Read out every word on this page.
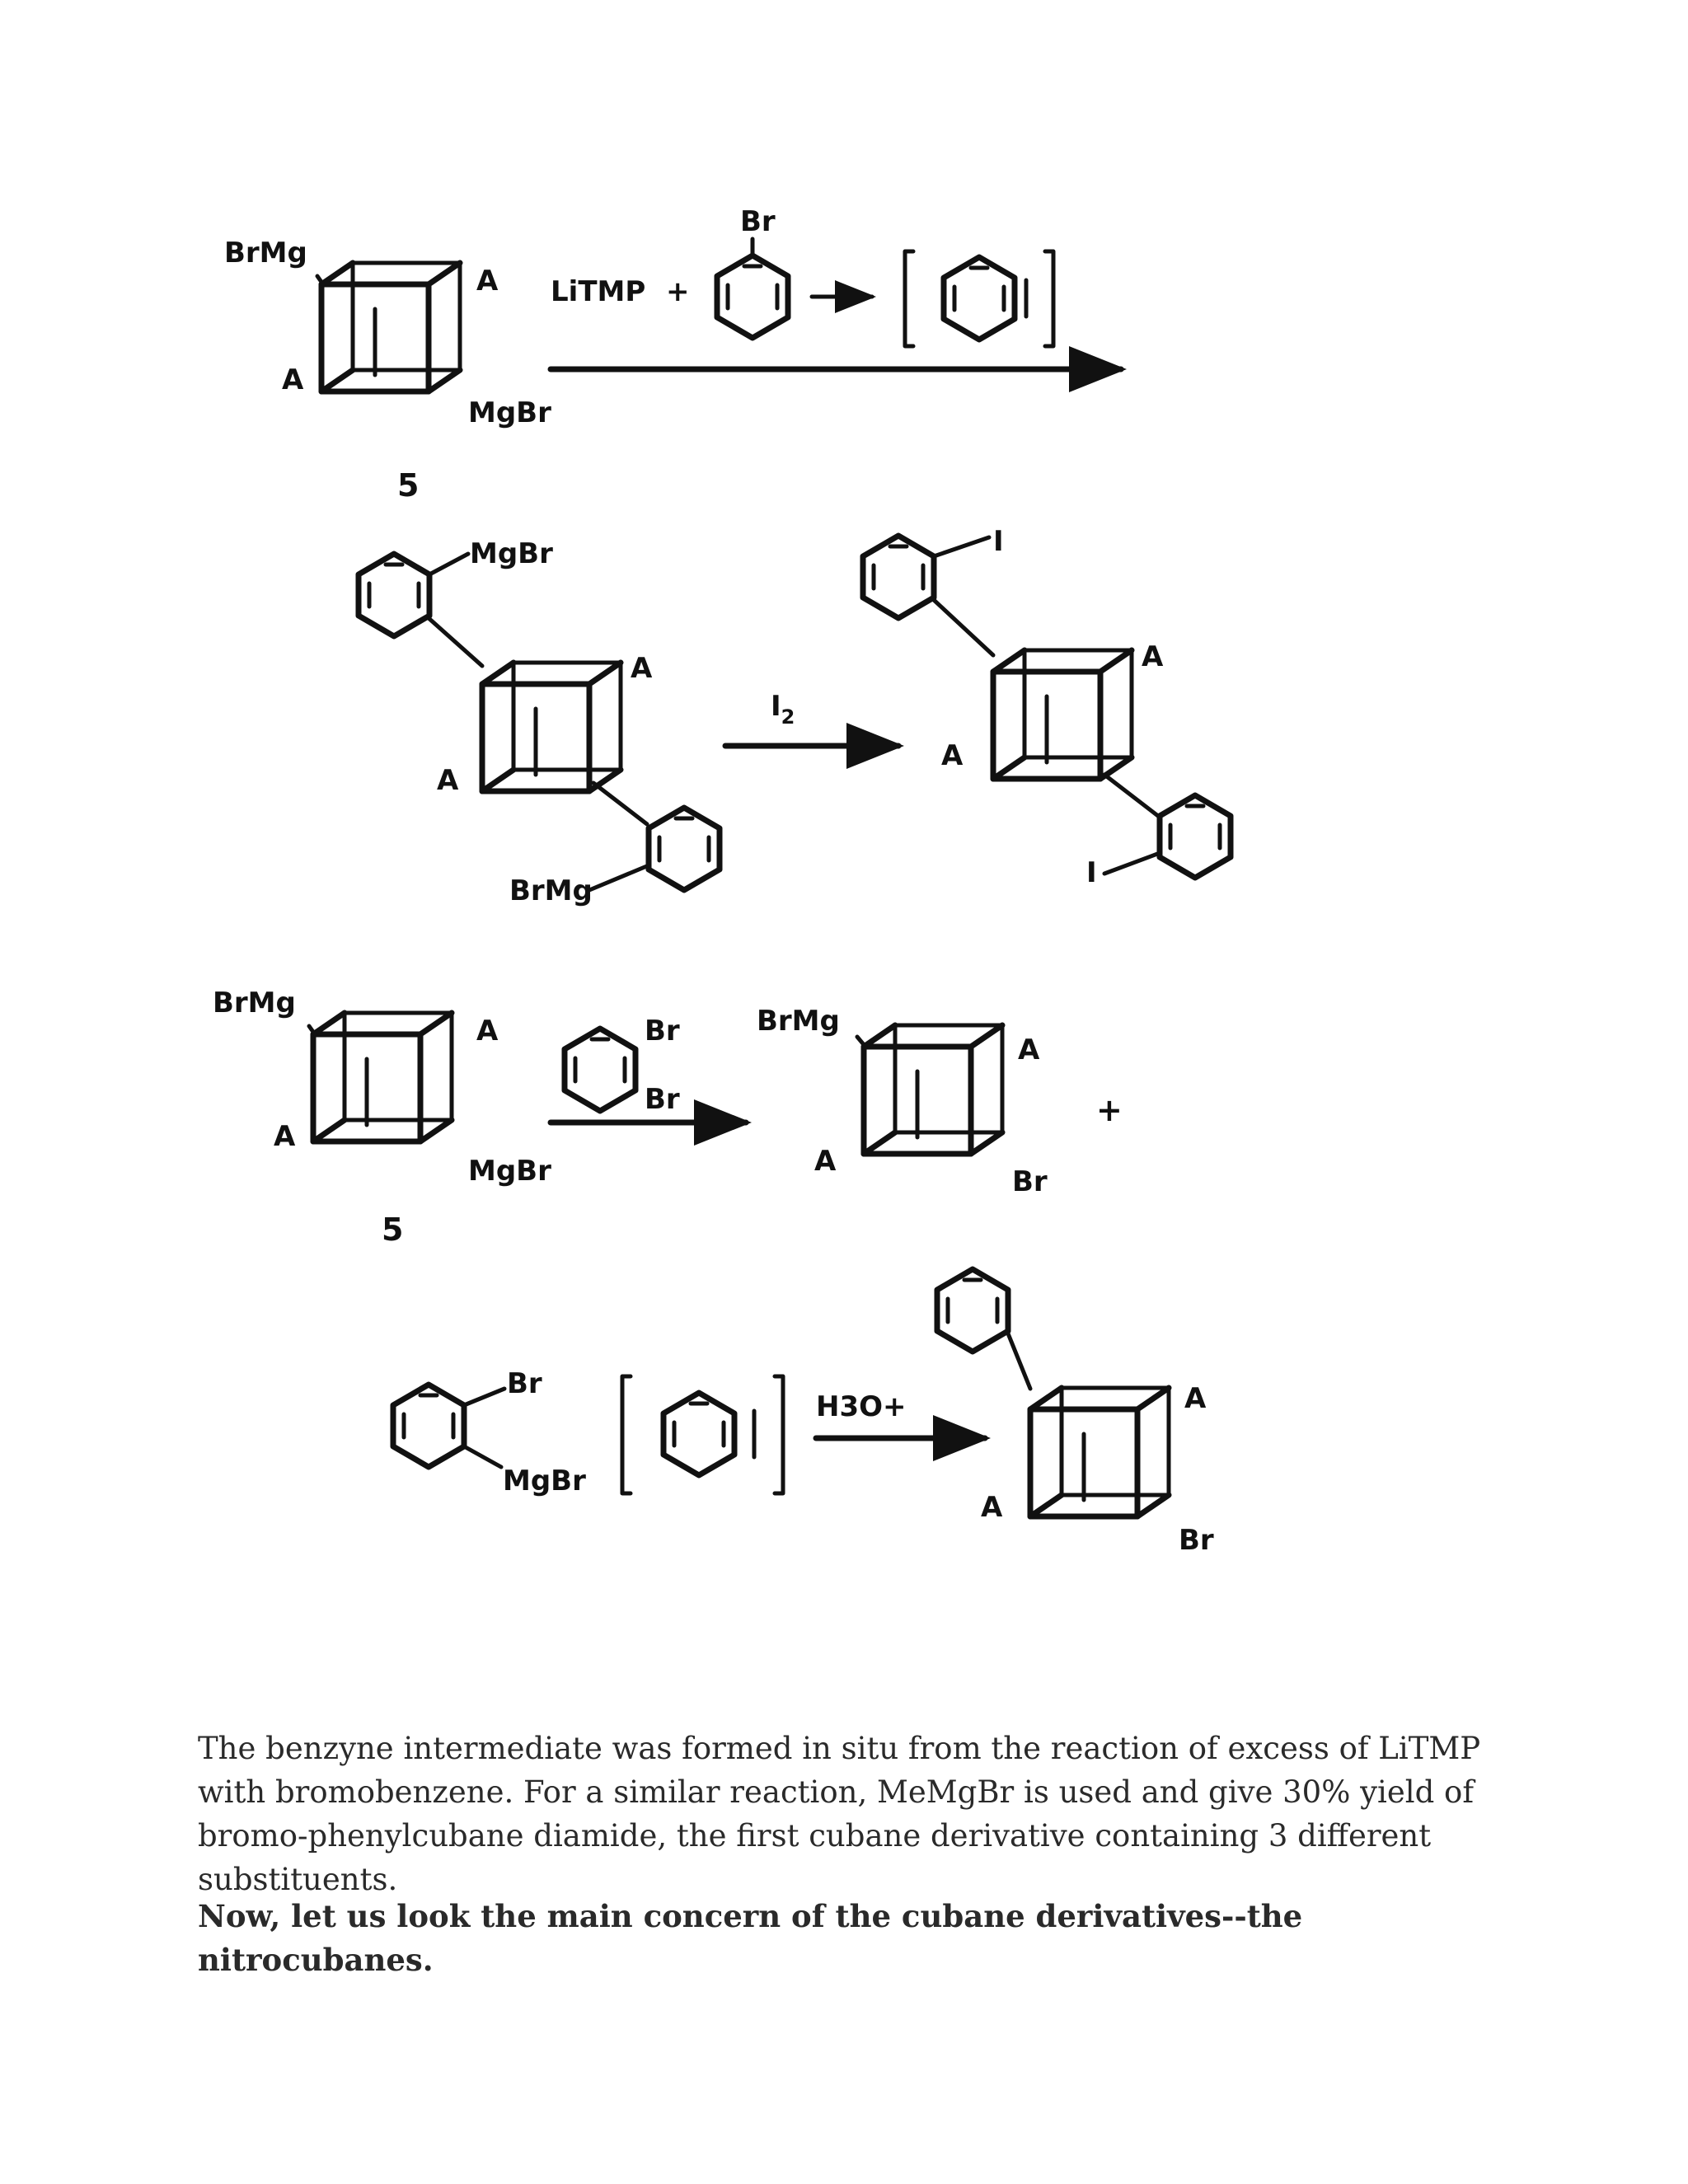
BrMg
A
A
MgBr
5
LiTMP +
Br
MgBr
A
A
BrMg
$I_2$
I
A
A
I
BrMg
A
A
MgBr
5
Br
Br
BrMg
A
A
Br
+
Br
MgBr
H3O+	A
A
Br

The benzyne intermediate was formed in situ from the reaction of excess of LiTMP with bromobenzene. For a similar reaction, MeMgBr is used and give 30% yield of bromo-phenylcubane diamide, the first cubane derivative containing 3 different substituents.

Now, let us look the main concern of the cubane derivatives--the nitrocubanes.
